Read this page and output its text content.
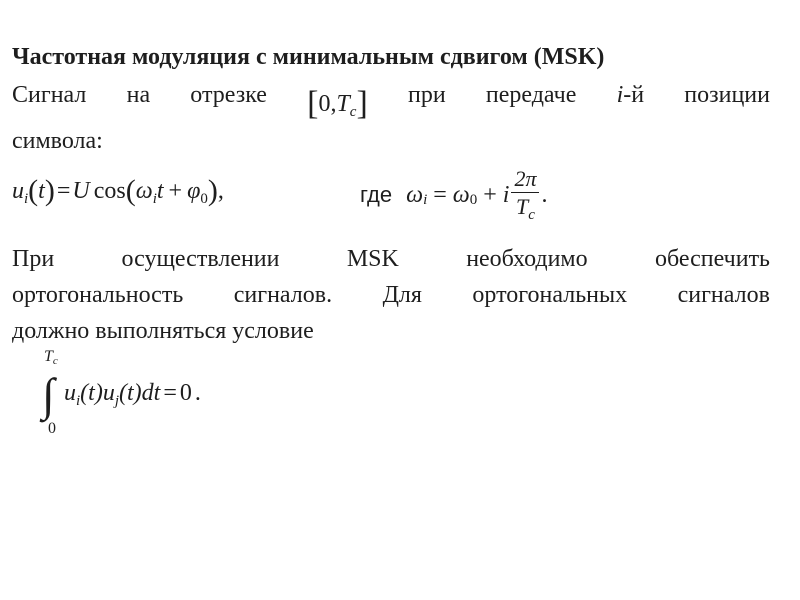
Частотная модуляция с минимальным сдвигом (MSK)
Сигнал на отрезке $[0,T_c]$ при передаче i-й позиции
символа:
$u_i(t)=U$ $\cos(\omega_it + \varphi_0)$,	где ω i = ω 0 + i $\frac{2\pi}{T_c}$ .
При	осуществлении	MSK	необходимо	обеспечить
ортогональность сигналов. Для ортогональных сигналов
должно выполняться условие
Tc
∫
0
$u_i(t)u_j(t)dt = 0$ .
